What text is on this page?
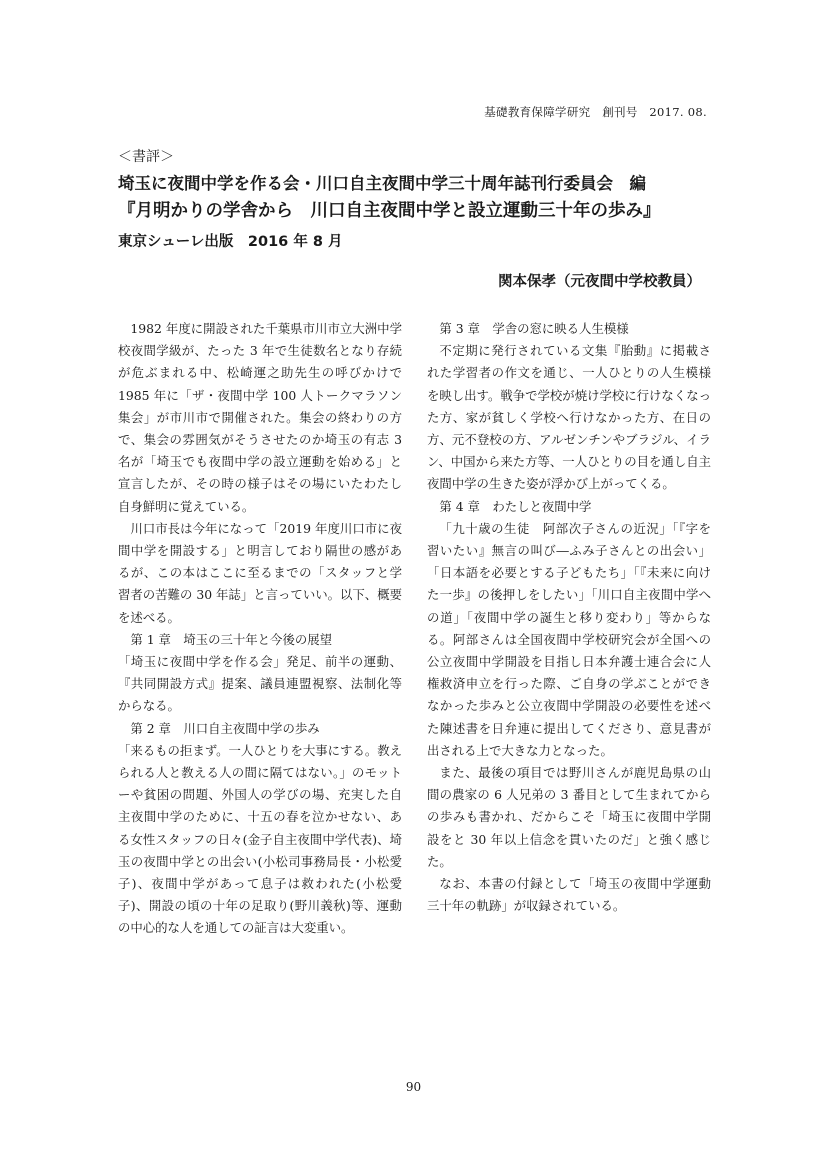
基礎教育保障学研究　創刊号　2017. 08.
＜書評＞
埼玉に夜間中学を作る会・川口自主夜間中学三十周年誌刊行委員会　編
『月明かりの学舎から　川口自主夜間中学と設立運動三十年の歩み』
東京シューレ出版　2016 年 8 月
関本保孝（元夜間中学校教員）

1982 年度に開設された千葉県市川市立大洲中学校夜間学級が、たった 3 年で生徒数名となり存続が危ぶまれる中、松崎運之助先生の呼びかけで 1985 年に「ザ・夜間中学 100 人トークマラソン集会」が市川市で開催された。集会の終わりの方で、集会の雰囲気がそうさせたのか埼玉の有志 3 名が「埼玉でも夜間中学の設立運動を始める」と宣言したが、その時の様子はその場にいたわたし自身鮮明に覚えている。

川口市長は今年になって「2019 年度川口市に夜間中学を開設する」と明言しており隔世の感があるが、この本はここに至るまでの「スタッフと学習者の苦難の 30 年誌」と言っていい。以下、概要を述べる。

第 1 章　埼玉の三十年と今後の展望

「埼玉に夜間中学を作る会」発足、前半の運動、『共同開設方式』提案、議員連盟視察、法制化等からなる。

第 2 章　川口自主夜間中学の歩み

「来るもの拒まず。一人ひとりを大事にする。教えられる人と教える人の間に隔てはない。」のモットーや貧困の問題、外国人の学びの場、充実した自主夜間中学のために、十五の春を泣かせない、ある女性スタッフの日々(金子自主夜間中学代表)、埼玉の夜間中学との出会い(小松司事務局長・小松愛子)、夜間中学があって息子は救われた(小松愛子)、開設の頃の十年の足取り(野川義秋)等、運動の中心的な人を通しての証言は大変重い。

第 3 章　学舎の窓に映る人生模様

不定期に発行されている文集『胎動』に掲載された学習者の作文を通じ、一人ひとりの人生模様を映し出す。戦争で学校が焼け学校に行けなくなった方、家が貧しく学校へ行けなかった方、在日の方、元不登校の方、アルゼンチンやブラジル、イラン、中国から来た方等、一人ひとりの目を通し自主夜間中学の生きた姿が浮かび上がってくる。

第 4 章　わたしと夜間中学

「九十歳の生徒　阿部次子さんの近況」「『字を習いたい』無言の叫び―ふみ子さんとの出会い」「日本語を必要とする子どもたち」「『未来に向けた一歩』の後押しをしたい」「川口自主夜間中学への道」「夜間中学の誕生と移り変わり」等からなる。阿部さんは全国夜間中学校研究会が全国への公立夜間中学開設を目指し日本弁護士連合会に人権救済申立を行った際、ご自身の学ぶことができなかった歩みと公立夜間中学開設の必要性を述べた陳述書を日弁連に提出してくださり、意見書が出される上で大きな力となった。

また、最後の項目では野川さんが鹿児島県の山間の農家の 6 人兄弟の 3 番目として生まれてからの歩みも書かれ、だからこそ「埼玉に夜間中学開設をと 30 年以上信念を貫いたのだ」と強く感じた。

なお、本書の付録として「埼玉の夜間中学運動三十年の軌跡」が収録されている。

90
